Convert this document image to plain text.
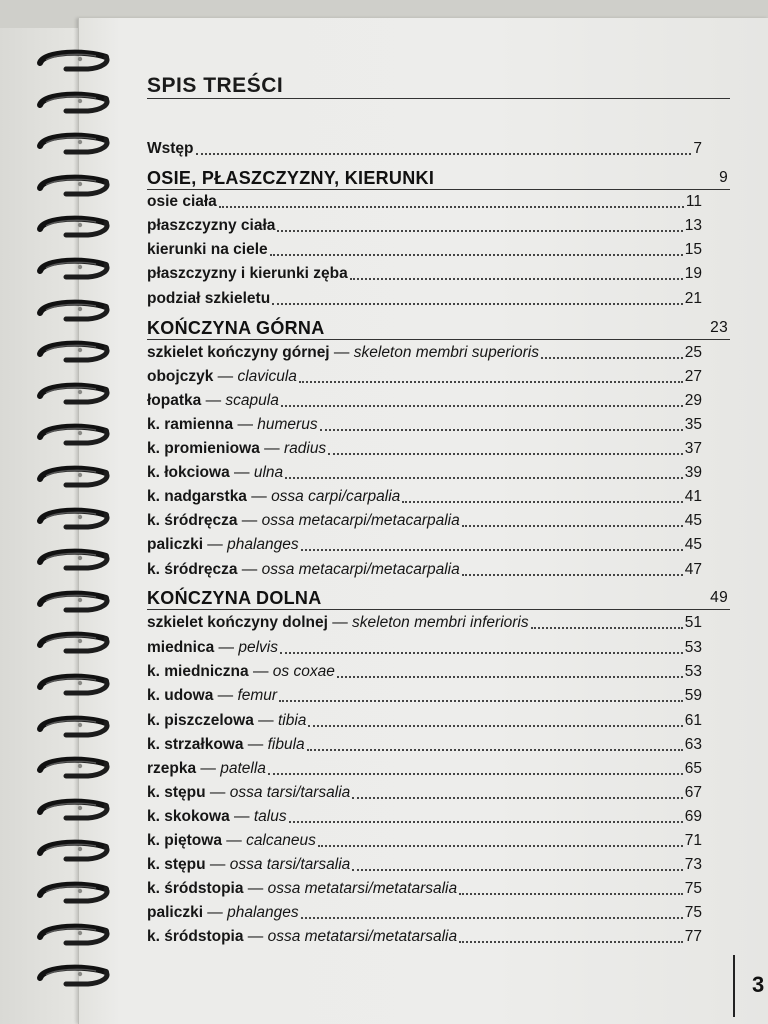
SPIS TREŚCI
Wstęp	7
OSIE, PŁASZCZYZNY, KIERUNKI	9
osie ciała	11
płaszczyzny ciała	13
kierunki na ciele	15
płaszczyzny i kierunki zęba	19
podział szkieletu	21
KOŃCZYNA GÓRNA	23
szkielet kończyny górnej — skeleton membri superioris	25
obojczyk — clavicula	27
łopatka — scapula	29
k. ramienna — humerus	35
k. promieniowa — radius	37
k. łokciowa — ulna	39
k. nadgarstka — ossa carpi/carpalia	41
k. śródręcza — ossa metacarpi/metacarpalia	45
paliczki — phalanges	45
k. śródręcza — ossa metacarpi/metacarpalia	47
KOŃCZYNA DOLNA	49
szkielet kończyny dolnej — skeleton membri inferioris	51
miednica — pelvis	53
k. miedniczna — os coxae	53
k. udowa — femur	59
k. piszczelowa — tibia	61
k. strzałkowa — fibula	63
rzepka — patella	65
k. stępu — ossa tarsi/tarsalia	67
k. skokowa — talus	69
k. piętowa — calcaneus	71
k. stępu — ossa tarsi/tarsalia	73
k. śródstopia — ossa metatarsi/metatarsalia	75
paliczki — phalanges	75
k. śródstopia — ossa metatarsi/metatarsalia	77
3
